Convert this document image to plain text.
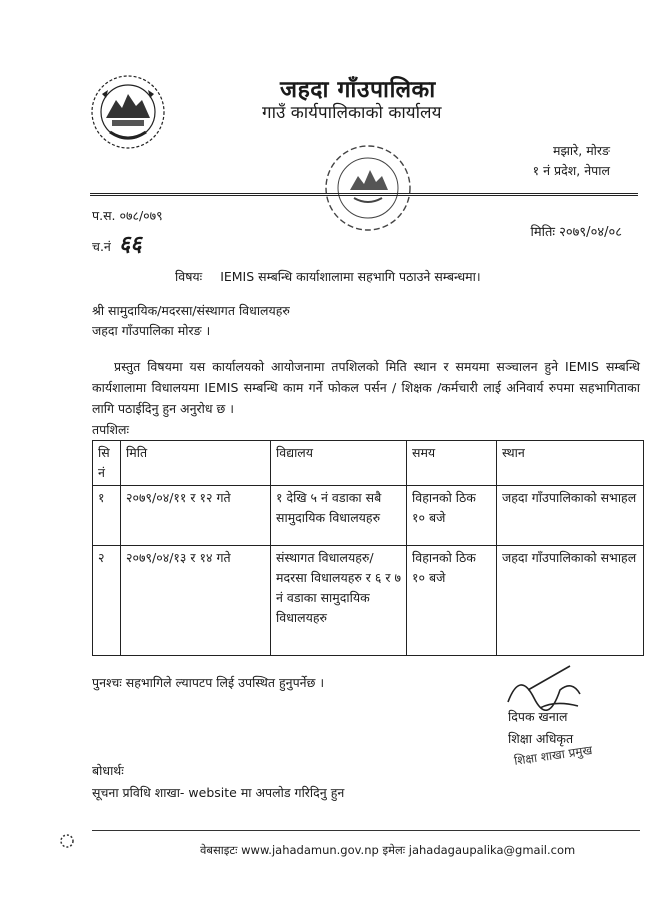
जहदा गाँउपालिका
गाउँ कार्यपालिकाको कार्यालय
मझारे, मोरङ
१ नं प्रदेश, नेपाल
प.स. ०७८/०७९
च.नं ६६	मितिः २०७९/०४/०८
विषयः IEMIS सम्बन्धि कार्याशालामा सहभागि पठाउने सम्बन्धमा।
श्री सामुदायिक/मदरसा/संस्थागत विधालयहरु
जहदा गाँउपालिका मोरङ ।
प्रस्तुत विषयमा यस कार्यालयको आयोजनामा तपशिलको मिति स्थान र समयमा सञ्चालन हुने IEMIS सम्बन्धि कार्यशालामा विधालयमा IEMIS सम्बन्धि काम गर्ने फोकल पर्सन / शिक्षक /कर्मचारी लाई अनिवार्य रुपमा सहभागिताका लागि पठाईदिनु हुन अनुरोध छ ।
तपशिलः
सि नं	मिति	विद्यालय	समय	स्थान
१	२०७९/०४/११ र १२ गते	१ देखि ५ नं वडाका सबै सामुदायिक विधालयहरु	विहानको ठिक १० बजे	जहदा गाँउपालिकाको सभाहल
२	२०७९/०४/१३ र १४ गते	संस्थागत विधालयहरु/मदरसा विधालयहरु र ६ र ७ नं वडाका सामुदायिक विधालयहरु	विहानको ठिक १० बजे	जहदा गाँउपालिकाको सभाहल
पुनश्चः सहभागिले ल्यापटप लिई उपस्थित हुनुपर्नेछ ।
दिपक खनाल
शिक्षा अधिकृत
शिक्षा शाखा प्रमुख
बोधार्थः
सूचना प्रविधि शाखा- website मा अपलोड गरिदिनु हुन
वेबसाइटः www.jahadamun.gov.np इमेलः jahadagaupalika@gmail.com
